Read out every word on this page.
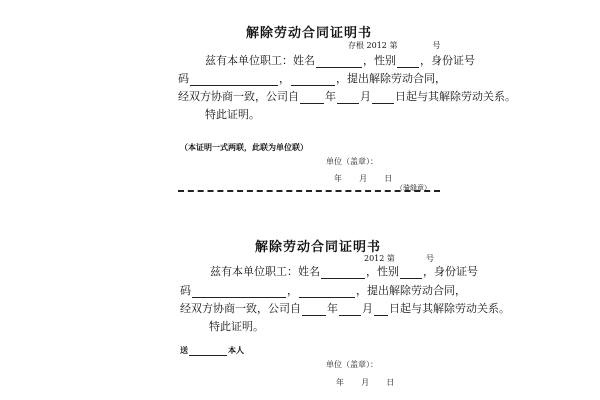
解除劳动合同证明书
存根 2012 第	号
兹有本单位职工：姓名	，性别 ，身份证号
码	，	，提出解除劳动合同，
经双方协商一致，公司自 年 月 日起与其解除劳动关系。
特此证明。
（本证明一式两联，此联为单位联）
单位（盖章）：
年 月 日
（骑缝章）
解除劳动合同证明书
2012 第	号
兹有本单位职工：姓名	，性别 ，身份证号
码	，	，提出解除劳动合同，
经双方协商一致，公司自 年 月 日起与其解除劳动关系。
特此证明。
送	本人
单位（盖章）：
年 月 日
